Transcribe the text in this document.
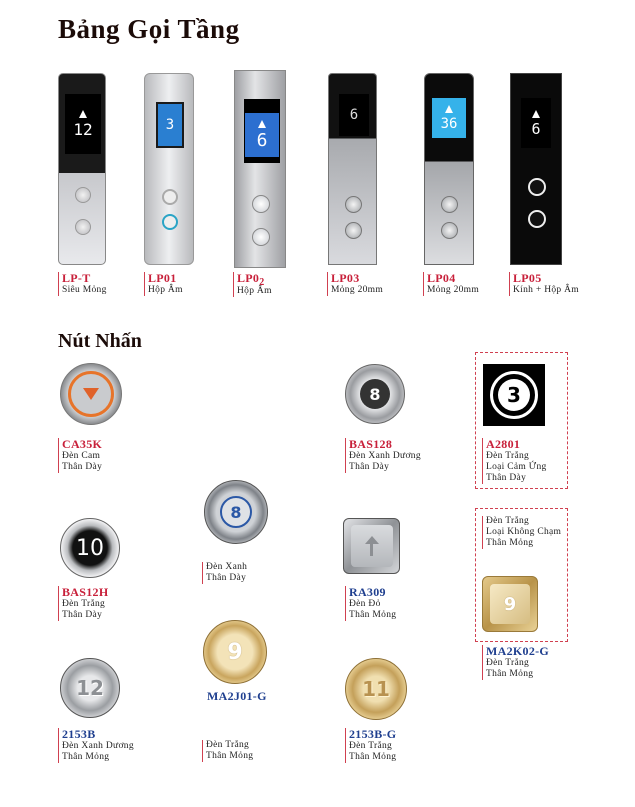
Bảng Gọi Tầng
Nút Nhấn
12	3
6
6
36	6
LP-T
Siêu Mỏng
LP01
Hộp Âm
$LP0_2$
Hộp Âm
LP03
Mỏng 20mm
LP04
Mỏng 20mm
LP05
Kính + Hộp Âm
CA35K
Đèn Cam
Thân Dày
8
BAS128
Đèn Xanh Dương
Thân Dày
3
A2801
Đèn Trắng
Loại Cảm Ứng
Thân Dày
8
Đèn Xanh
Thân Dày
Đèn Trắng
Loại Không Chạm
Thân Mỏng
9
MA2K02-G
Đèn Trắng
Thân Mỏng
10
BAS12H
Đèn Trắng
Thân Dày
RA309
Đèn Đỏ
Thân Mỏng
12
2153B
Đèn Xanh Dương
Thân Mỏng
9
MA2J01-G
Đèn Trắng
Thân Mỏng
11
2153B-G
Đèn Trắng
Thân Mỏng
